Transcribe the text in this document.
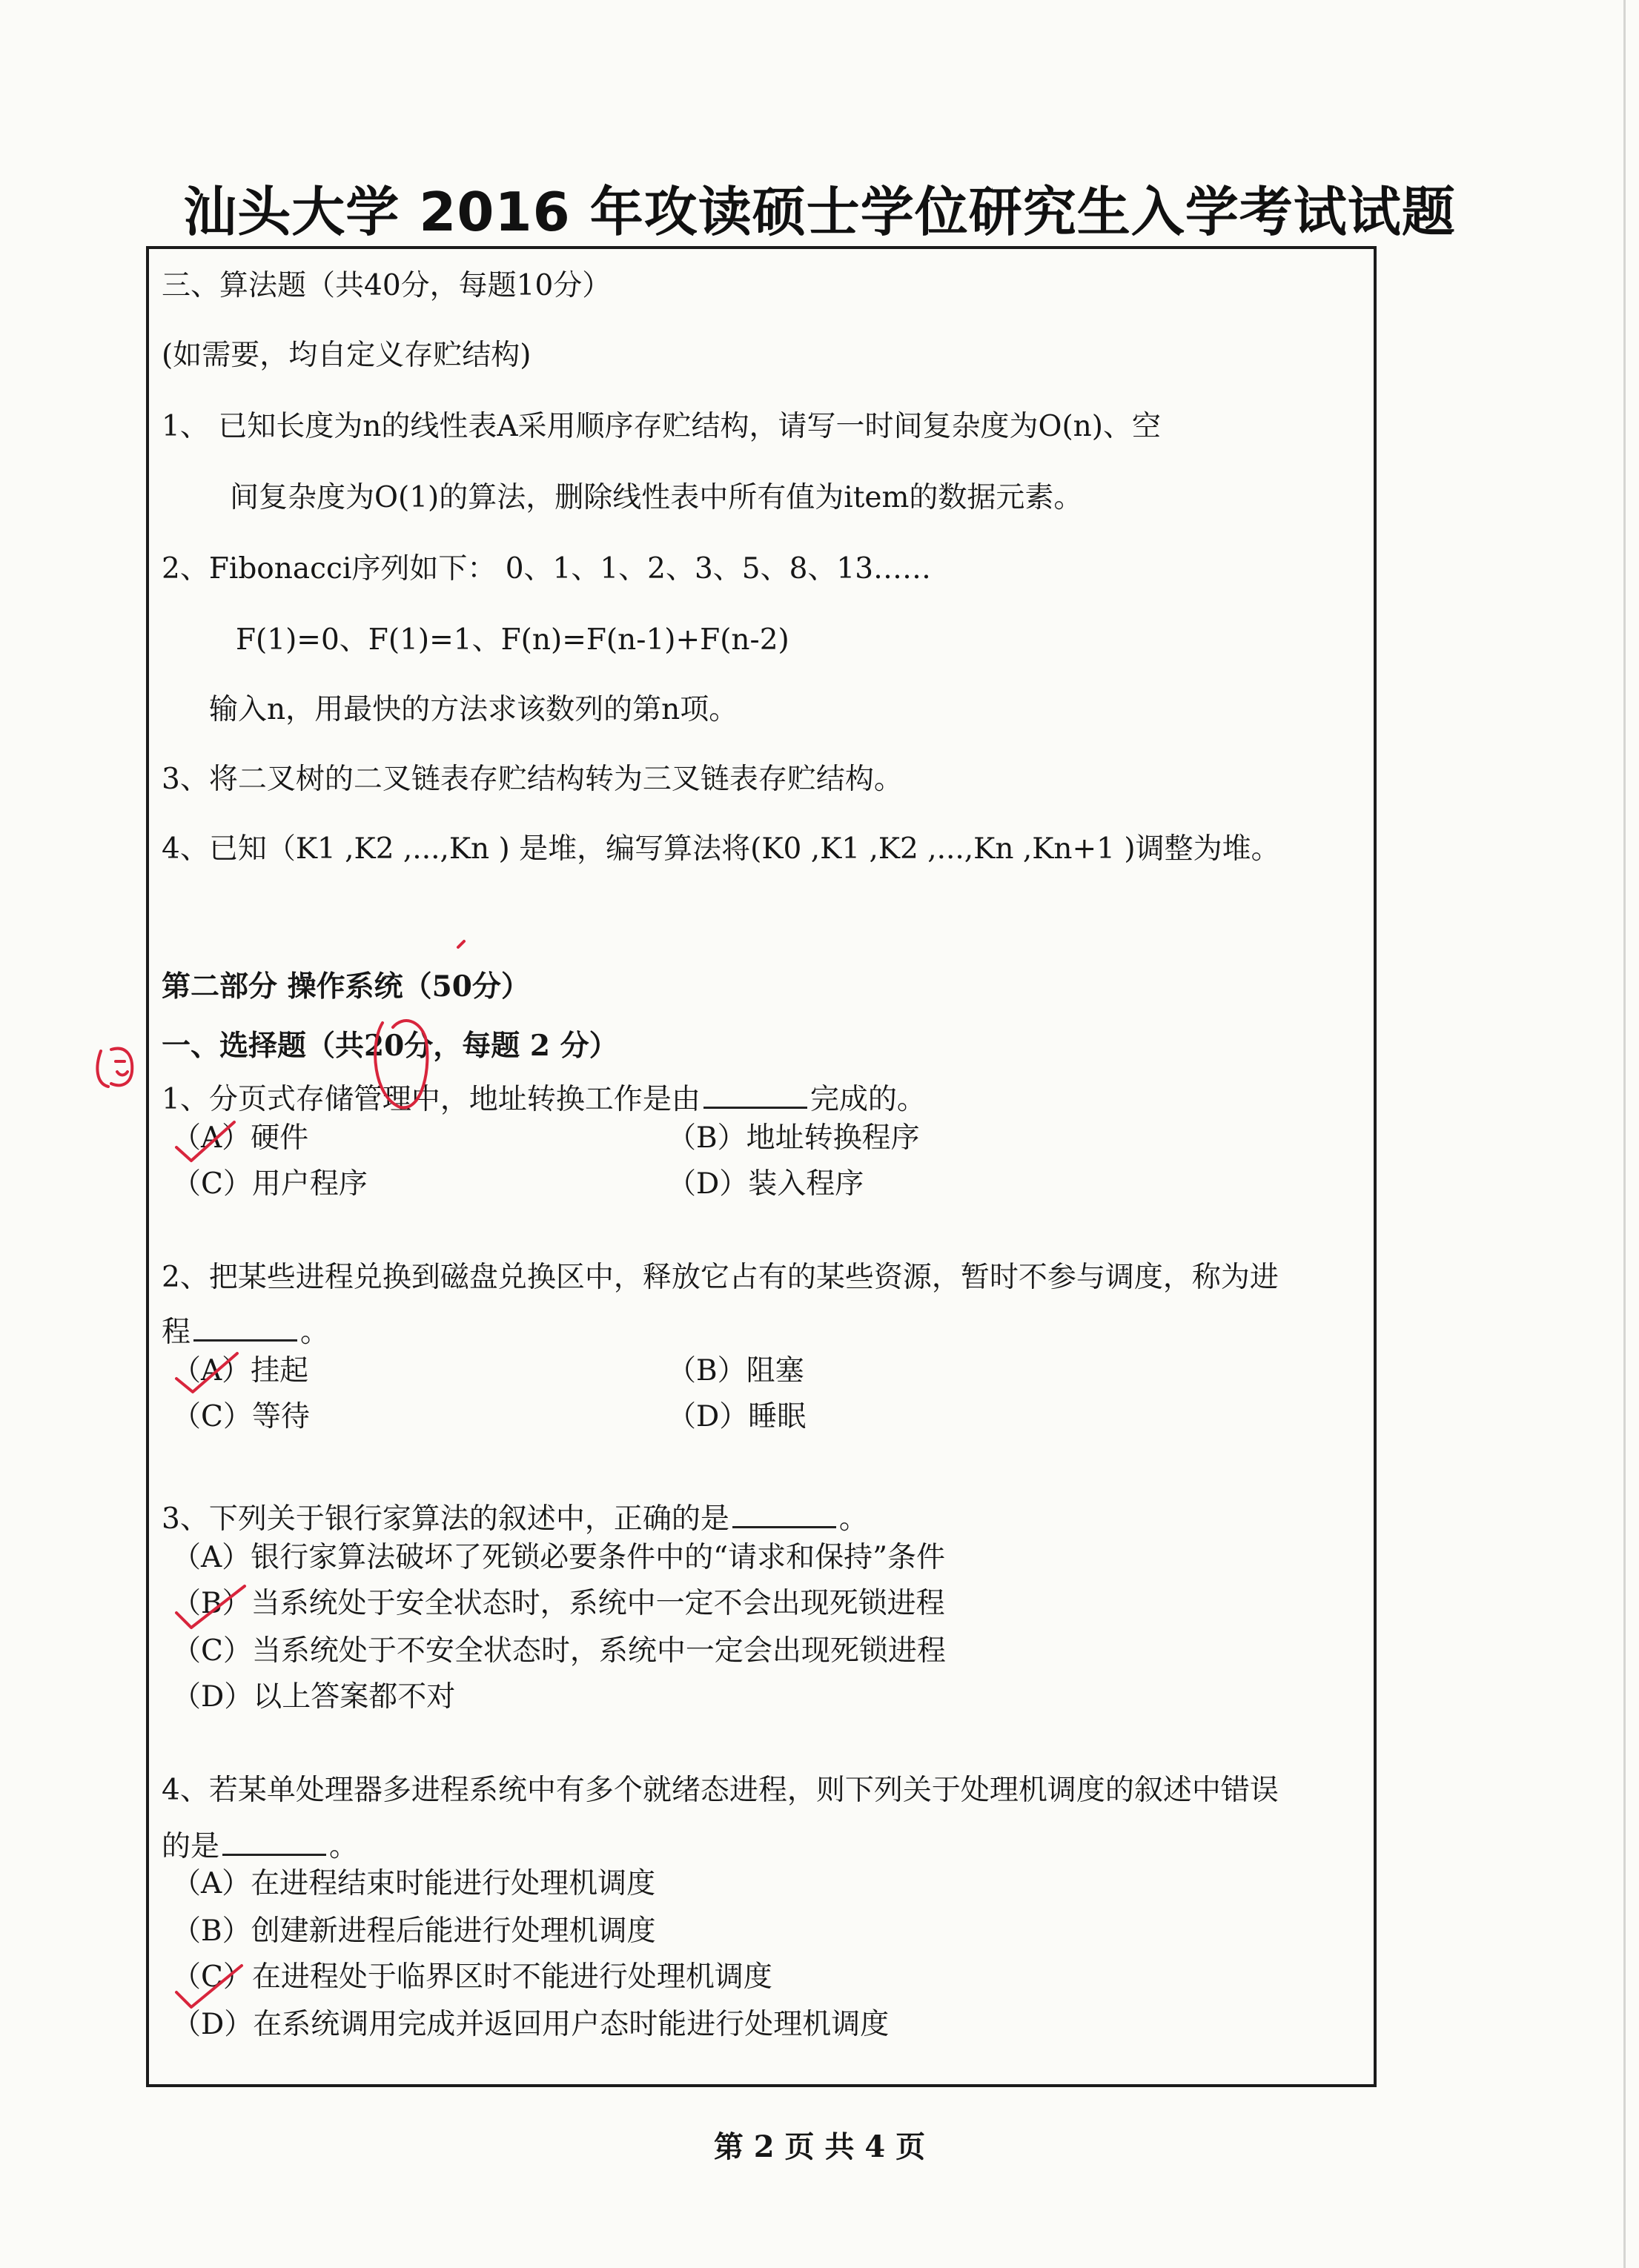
汕头大学 2016 年攻读硕士学位研究生入学考试试题
三、算法题（共40分，每题10分）
(如需要，均自定义存贮结构)
1、 已知长度为n的线性表A采用顺序存贮结构，请写一时间复杂度为O(n)、空
间复杂度为O(1)的算法，删除线性表中所有值为item的数据元素。
2、Fibonacci序列如下： 0、1、1、2、3、5、8、13……
F(1)=0、F(1)=1、F(n)=F(n-1)+F(n-2)
输入n，用最快的方法求该数列的第n项。
3、将二叉树的二叉链表存贮结构转为三叉链表存贮结构。
4、已知（K1 ,K2 ,...,Kn ) 是堆，编写算法将(K0 ,K1 ,K2 ,...,Kn ,Kn+1 )调整为堆。
第二部分 操作系统（50分）
一、选择题（共20分，每题 2 分）
1、分页式存储管理中，地址转换工作是由	完成的。
（A）硬件	（B）地址转换程序
（C）用户程序	（D）装入程序
2、把某些进程兑换到磁盘兑换区中，释放它占有的某些资源，暂时不参与调度，称为进
程	。
（A）挂起	（B）阻塞
（C）等待	（D）睡眠
3、下列关于银行家算法的叙述中，正确的是	。
（A）银行家算法破坏了死锁必要条件中的“请求和保持”条件
（B）当系统处于安全状态时，系统中一定不会出现死锁进程
（C）当系统处于不安全状态时，系统中一定会出现死锁进程
（D）以上答案都不对
4、若某单处理器多进程系统中有多个就绪态进程，则下列关于处理机调度的叙述中错误
的是	。
（A）在进程结束时能进行处理机调度
（B）创建新进程后能进行处理机调度
（C）在进程处于临界区时不能进行处理机调度
（D）在系统调用完成并返回用户态时能进行处理机调度
第 2 页 共 4 页
